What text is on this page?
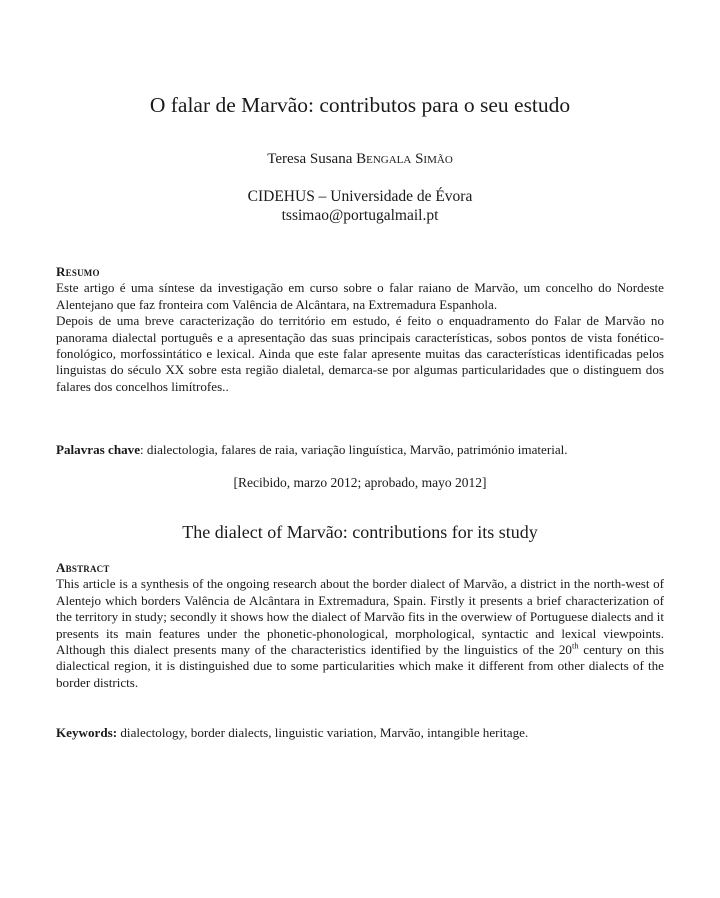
O falar de Marvão: contributos para o seu estudo
Teresa Susana Bengala Simão
CIDEHUS – Universidade de Évora
tssimao@portugalmail.pt
Resumo

Este artigo é uma síntese da investigação em curso sobre o falar raiano de Marvão, um concelho do Nordeste Alentejano que faz fronteira com Valência de Alcântara, na Extremadura Espanhola.

Depois de uma breve caracterização do território em estudo, é feito o enquadramento do Falar de Marvão no panorama dialectal português e a apresentação das suas principais características, sobos pontos de vista fonético-fonológico, morfossintático e lexical. Ainda que este falar apresente muitas das características identificadas pelos linguistas do século XX sobre esta região dialetal, demarca-se por algumas particularidades que o distinguem dos falares dos concelhos limítrofes..

Palavras chave: dialectologia, falares de raia, variação linguística, Marvão, património imaterial.

[Recibido, marzo 2012; aprobado, mayo 2012]
The dialect of Marvão: contributions for its study
Abstract

This article is a synthesis of the ongoing research about the border dialect of Marvão, a district in the north-west of Alentejo which borders Valência de Alcântara in Extremadura, Spain. Firstly it presents a brief characterization of the territory in study; secondly it shows how the dialect of Marvão fits in the overwiew of Portuguese dialects and it presents its main features under the phonetic-phonological, morphological, syntactic and lexical viewpoints. Although this dialect presents many of the characteristics identified by the linguistics of the 20th century on this dialectical region, it is distinguished due to some particularities which make it different from other dialects of the border districts.

Keywords: dialectology, border dialects, linguistic variation, Marvão, intangible heritage.
